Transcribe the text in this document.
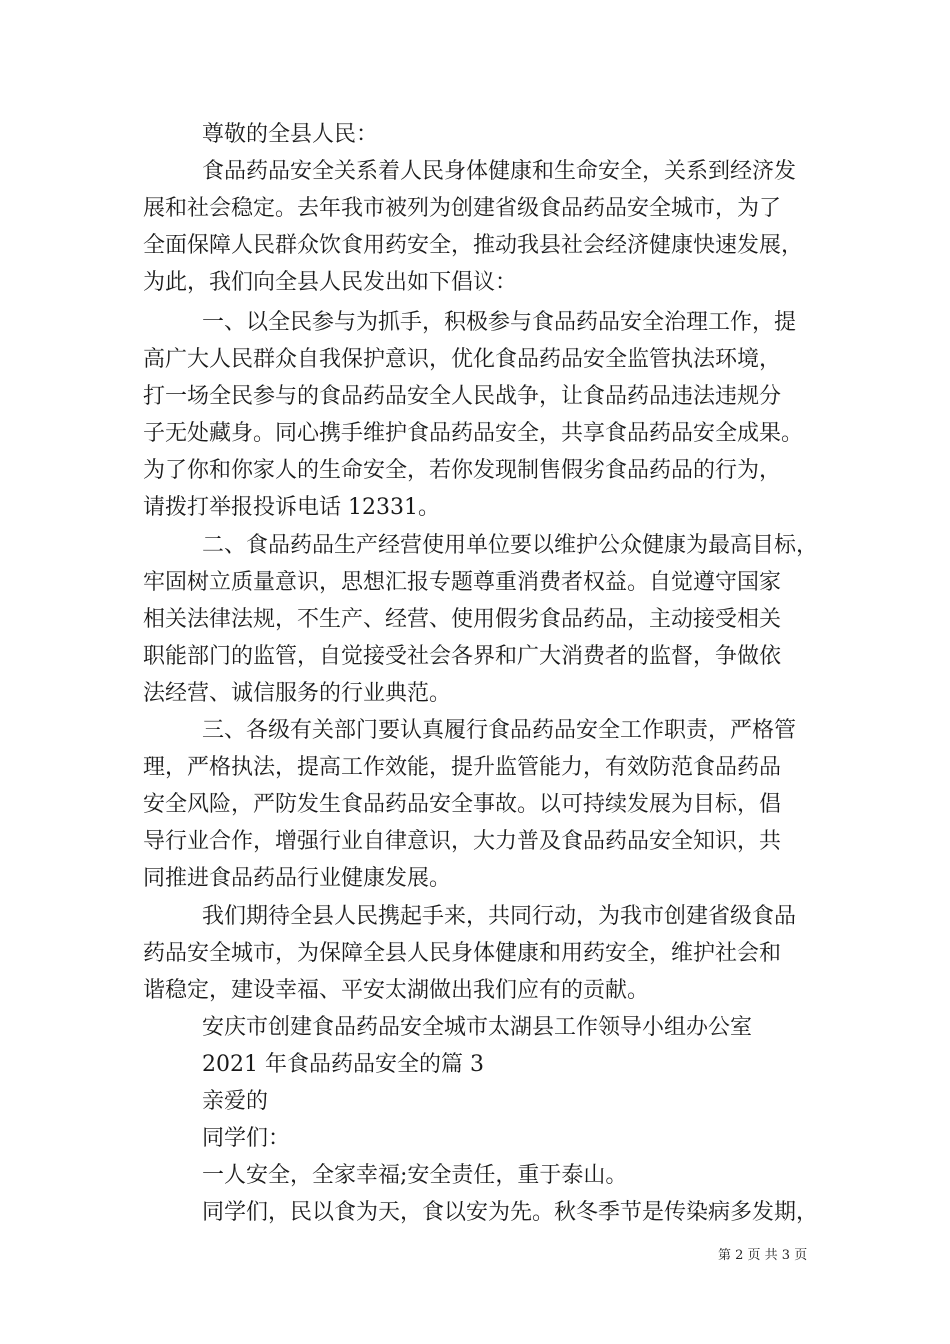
尊敬的全县人民：
食品药品安全关系着人民身体健康和生命安全，关系到经济发
展和社会稳定。去年我市被列为创建省级食品药品安全城市，为了
全面保障人民群众饮食用药安全，推动我县社会经济健康快速发展，
为此，我们向全县人民发出如下倡议：
一、以全民参与为抓手，积极参与食品药品安全治理工作，提
高广大人民群众自我保护意识，优化食品药品安全监管执法环境，
打一场全民参与的食品药品安全人民战争，让食品药品违法违规分
子无处藏身。同心携手维护食品药品安全，共享食品药品安全成果。
为了你和你家人的生命安全，若你发现制售假劣食品药品的行为，
请拨打举报投诉电话 12331。
二、食品药品生产经营使用单位要以维护公众健康为最高目标，
牢固树立质量意识，思想汇报专题尊重消费者权益。自觉遵守国家
相关法律法规，不生产、经营、使用假劣食品药品，主动接受相关
职能部门的监管，自觉接受社会各界和广大消费者的监督，争做依
法经营、诚信服务的行业典范。
三、各级有关部门要认真履行食品药品安全工作职责，严格管
理，严格执法，提高工作效能，提升监管能力，有效防范食品药品
安全风险，严防发生食品药品安全事故。以可持续发展为目标，倡
导行业合作，增强行业自律意识，大力普及食品药品安全知识，共
同推进食品药品行业健康发展。
我们期待全县人民携起手来，共同行动，为我市创建省级食品
药品安全城市，为保障全县人民身体健康和用药安全，维护社会和
谐稳定，建设幸福、平安太湖做出我们应有的贡献。
安庆市创建食品药品安全城市太湖县工作领导小组办公室
2021 年食品药品安全的篇 3
亲爱的
同学们：
一人安全，全家幸福;安全责任，重于泰山。
同学们，民以食为天，食以安为先。秋冬季节是传染病多发期，
第 2 页 共 3 页
